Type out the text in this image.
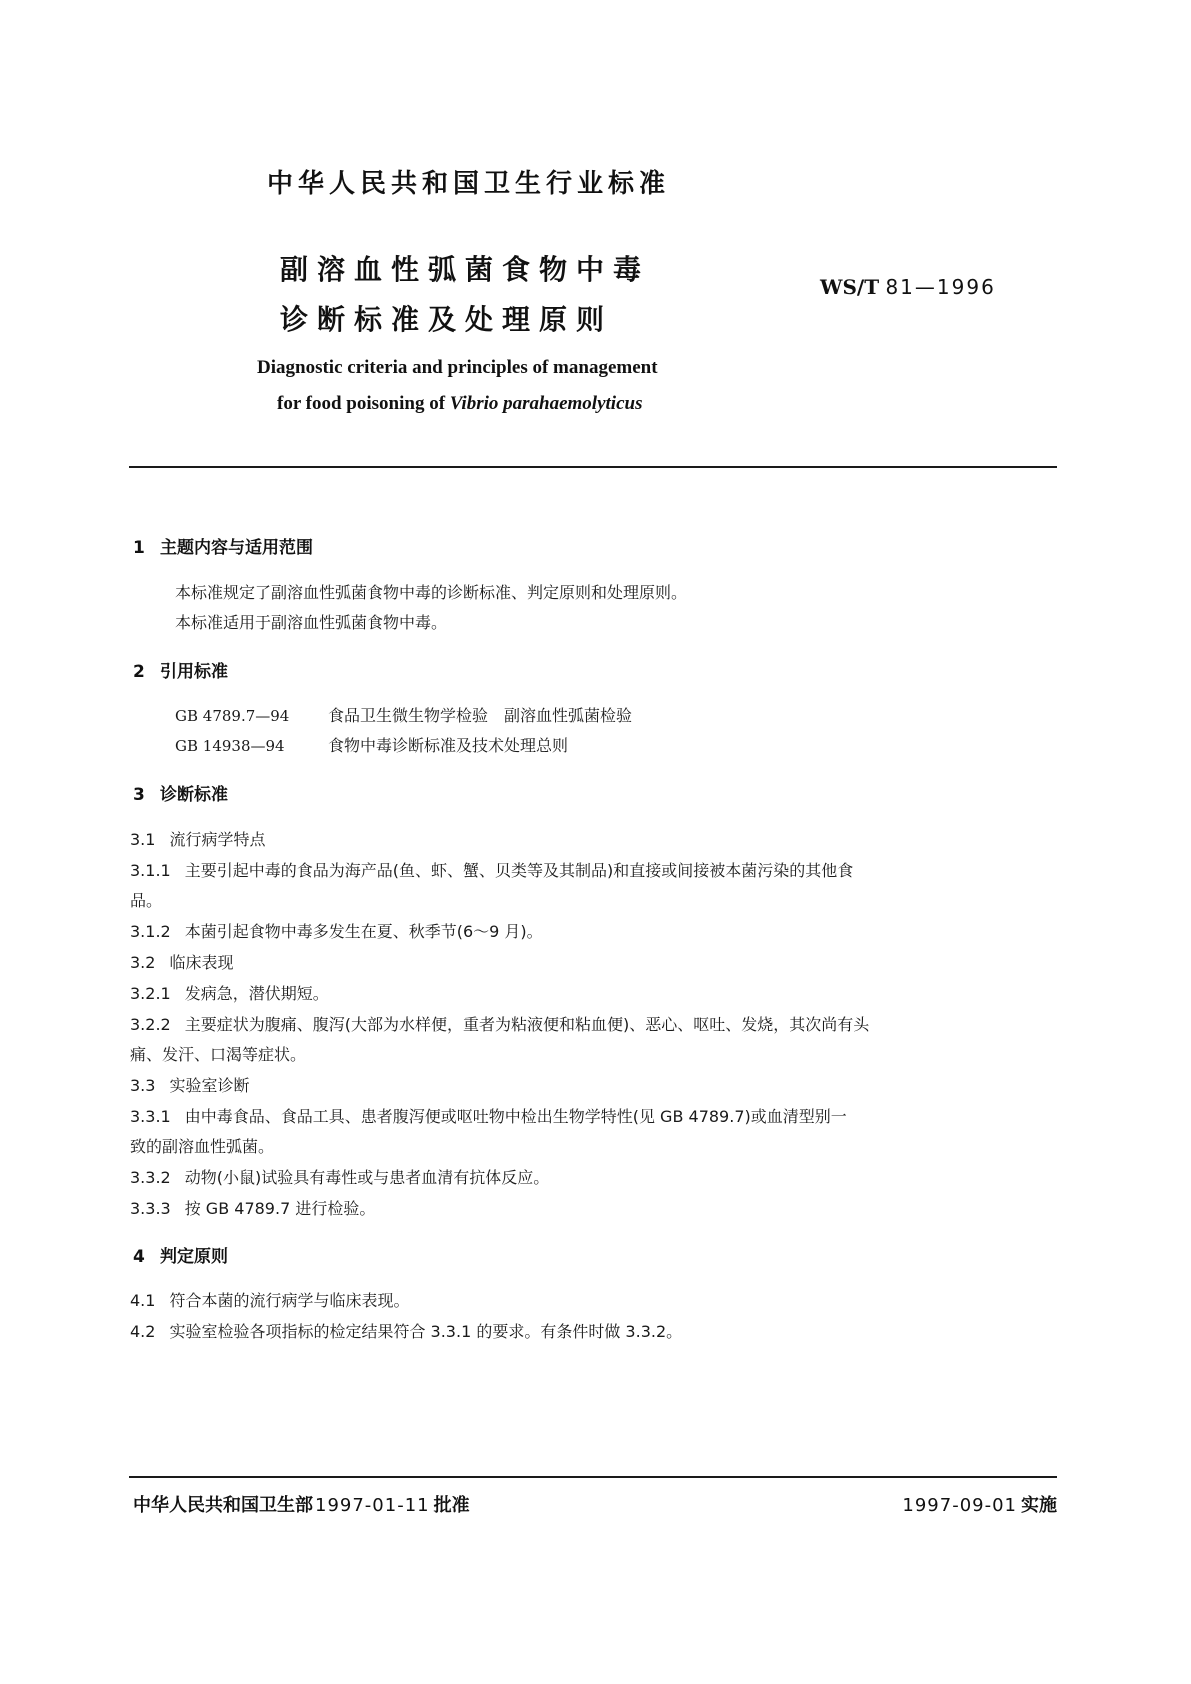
中华人民共和国卫生行业标准
副溶血性弧菌食物中毒
诊断标准及处理原则
WS/T 81—1996
Diagnostic criteria and principles of management
for food poisoning of Vibrio parahaemolyticus
1 主题内容与适用范围
本标准规定了副溶血性弧菌食物中毒的诊断标准、判定原则和处理原则。
本标准适用于副溶血性弧菌食物中毒。
2 引用标准
GB 4789.7—94 食品卫生微生物学检验　副溶血性弧菌检验
GB 14938—94	食物中毒诊断标准及技术处理总则
3 诊断标准
3.1 流行病学特点
3.1.1 主要引起中毒的食品为海产品(鱼、虾、蟹、贝类等及其制品)和直接或间接被本菌污染的其他食
品。
3.1.2 本菌引起食物中毒多发生在夏、秋季节(6～9 月)。
3.2 临床表现
3.2.1 发病急，潜伏期短。
3.2.2 主要症状为腹痛、腹泻(大部为水样便，重者为粘液便和粘血便)、恶心、呕吐、发烧，其次尚有头
痛、发汗、口渴等症状。
3.3 实验室诊断
3.3.1 由中毒食品、食品工具、患者腹泻便或呕吐物中检出生物学特性(见 GB 4789.7)或血清型别一
致的副溶血性弧菌。
3.3.2 动物(小鼠)试验具有毒性或与患者血清有抗体反应。
3.3.3 按 GB 4789.7 进行检验。
4 判定原则
4.1 符合本菌的流行病学与临床表现。
4.2 实验室检验各项指标的检定结果符合 3.3.1 的要求。有条件时做 3.3.2。
中华人民共和国卫生部 1997-01-11 批准	1997-09-01 实施
